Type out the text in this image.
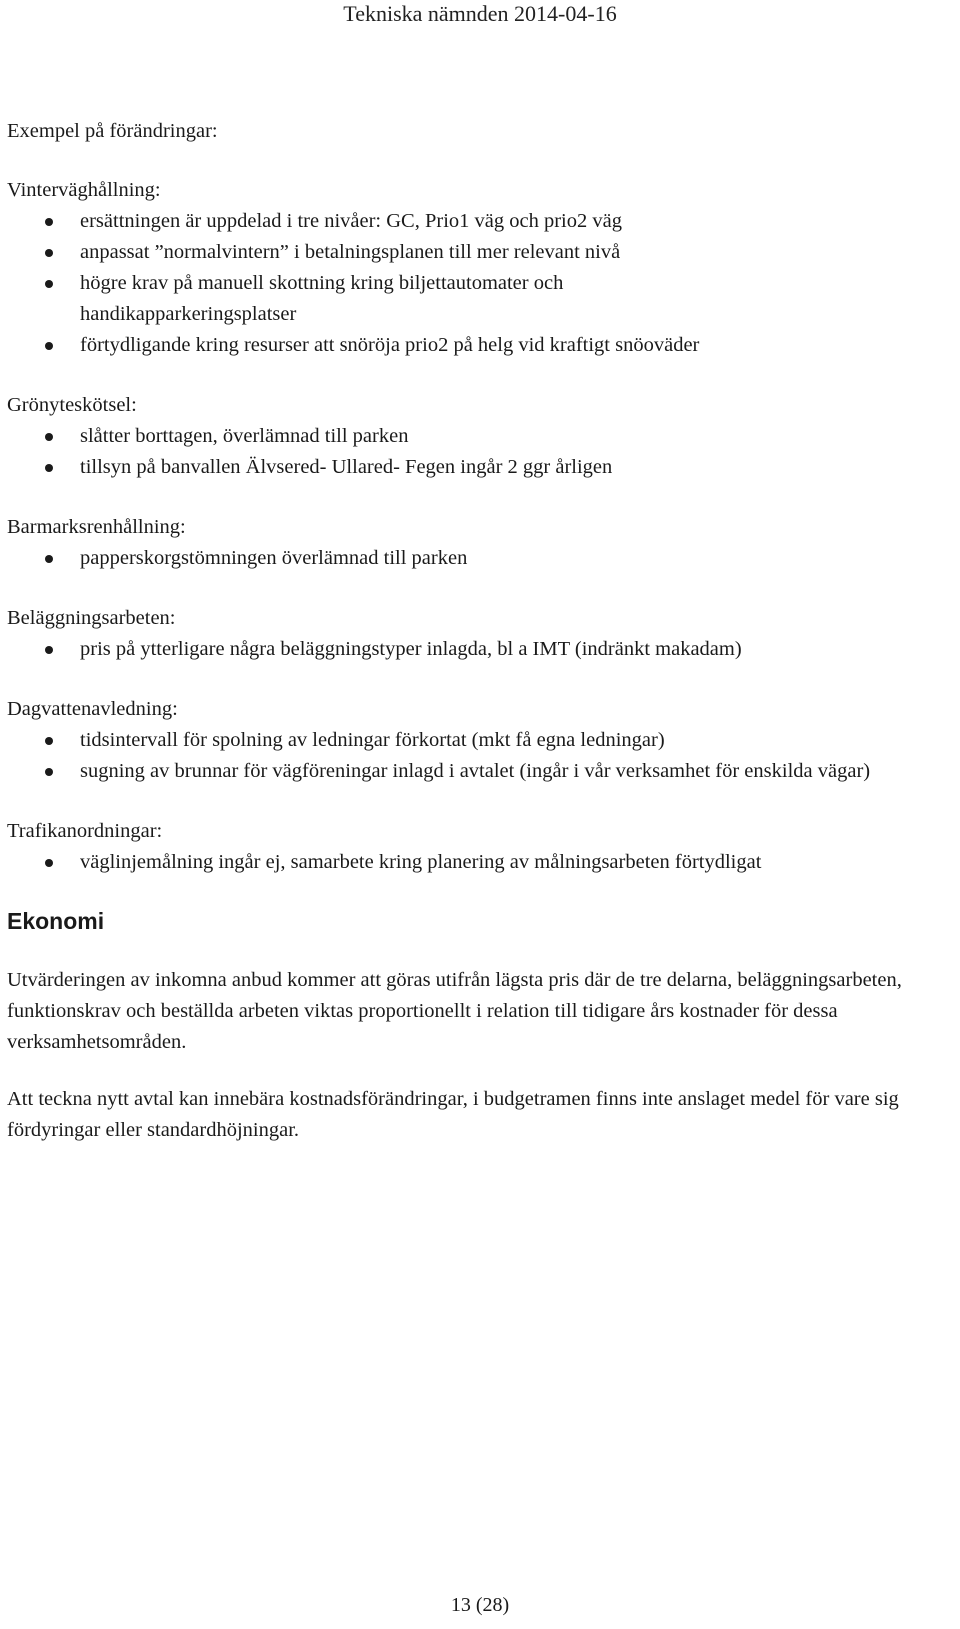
Tekniska nämnden 2014-04-16

Exempel på förändringar:

Vinterväghållning:

ersättningen är uppdelad i tre nivåer: GC, Prio1 väg och prio2 väg
anpassat ”normalvintern” i betalningsplanen till mer relevant nivå
högre krav på manuell skottning kring biljettautomater och handikapparkeringsplatser
förtydligande kring resurser att snöröja prio2 på helg vid kraftigt snöoväder

Grönyteskötsel:

slåtter borttagen, överlämnad till parken
tillsyn på banvallen Älvsered- Ullared- Fegen ingår 2 ggr årligen

Barmarksrenhållning:

papperskorgstömningen överlämnad till parken

Beläggningsarbeten:

pris på ytterligare några beläggningstyper inlagda, bl a IMT (indränkt makadam)

Dagvattenavledning:

tidsintervall för spolning av ledningar förkortat (mkt få egna ledningar)
sugning av brunnar för vägföreningar inlagd i avtalet (ingår i vår verksamhet för enskilda vägar)

Trafikanordningar:

väglinjemålning ingår ej, samarbete kring planering av målningsarbeten förtydligat
Ekonomi

Utvärderingen av inkomna anbud kommer att göras utifrån lägsta pris där de tre delarna, beläggningsarbeten, funktionskrav och beställda arbeten viktas proportionellt i relation till tidigare års kostnader för dessa verksamhetsområden.

Att teckna nytt avtal kan innebära kostnadsförändringar, i budgetramen finns inte anslaget medel för vare sig fördyringar eller standardhöjningar.

13 (28)
